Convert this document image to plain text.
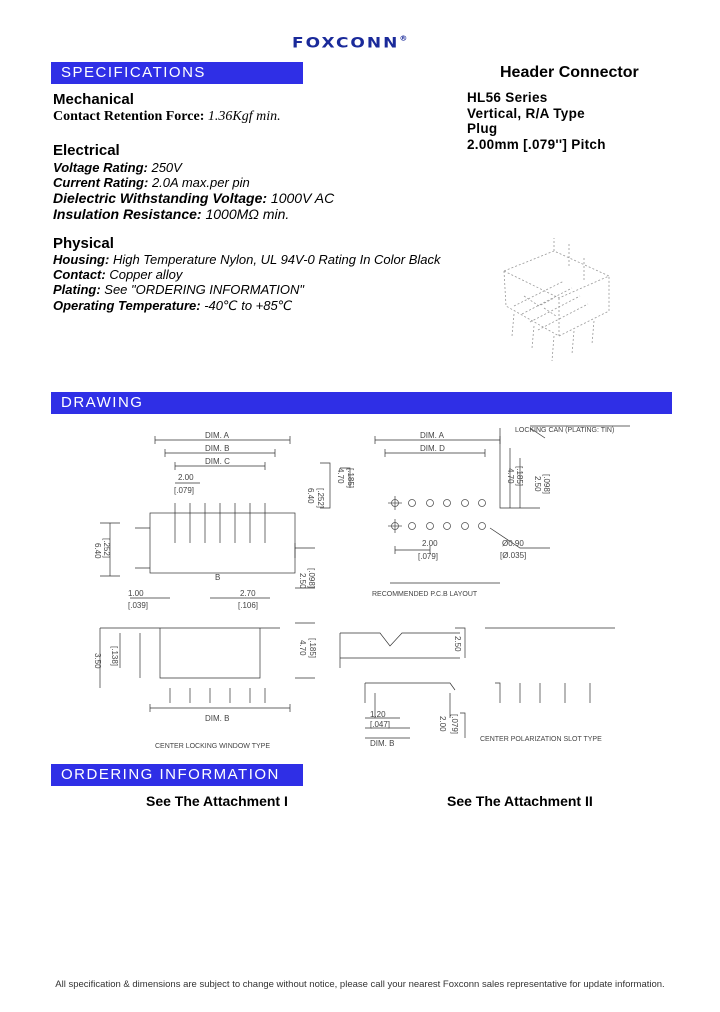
FOXCONN®
SPECIFICATIONS	Header Connector
HL56 Series
Vertical, R/A Type
Plug
2.00mm [.079''] Pitch
Mechanical
Contact Retention Force: 1.36Kgf min.
Electrical
Voltage Rating: 250V
Current Rating: 2.0A max.per pin
Dielectric Withstanding Voltage: 1000V AC
Insulation Resistance: 1000MΩ min.
Physical
Housing: High Temperature Nylon, UL 94V-0 Rating In Color Black
Contact: Copper alloy
Plating: See "ORDERING INFORMATION"
Operating Temperature: -40℃ to +85℃
DRAWING
DIM. A
DIM. B
DIM. C
2.00
[.079]	6.40 [.252]
4.70 [.185]
6.40 [.252]
2.50 [.098]
1.00
[.039]
2.70
[.106]
B
DIM. A
DIM. D
LOCKING CAN (PLATING: TIN)
4.70 [.185] 2.50 [.098]
2.00
[.079]
Ø0.90
[Ø.035]
RECOMMENDED P.C.B LAYOUT
3.50 [.138]	4.70 [.185]
DIM. B
CENTER LOCKING WINDOW TYPE
2.50
1.20
[.047]
DIM. B
2.00 [.079]
CENTER POLARIZATION SLOT TYPE
ORDERING INFORMATION
See The Attachment I	See The Attachment II
All specification & dimensions are subject to change without notice, please call your nearest Foxconn sales representative for update information.
